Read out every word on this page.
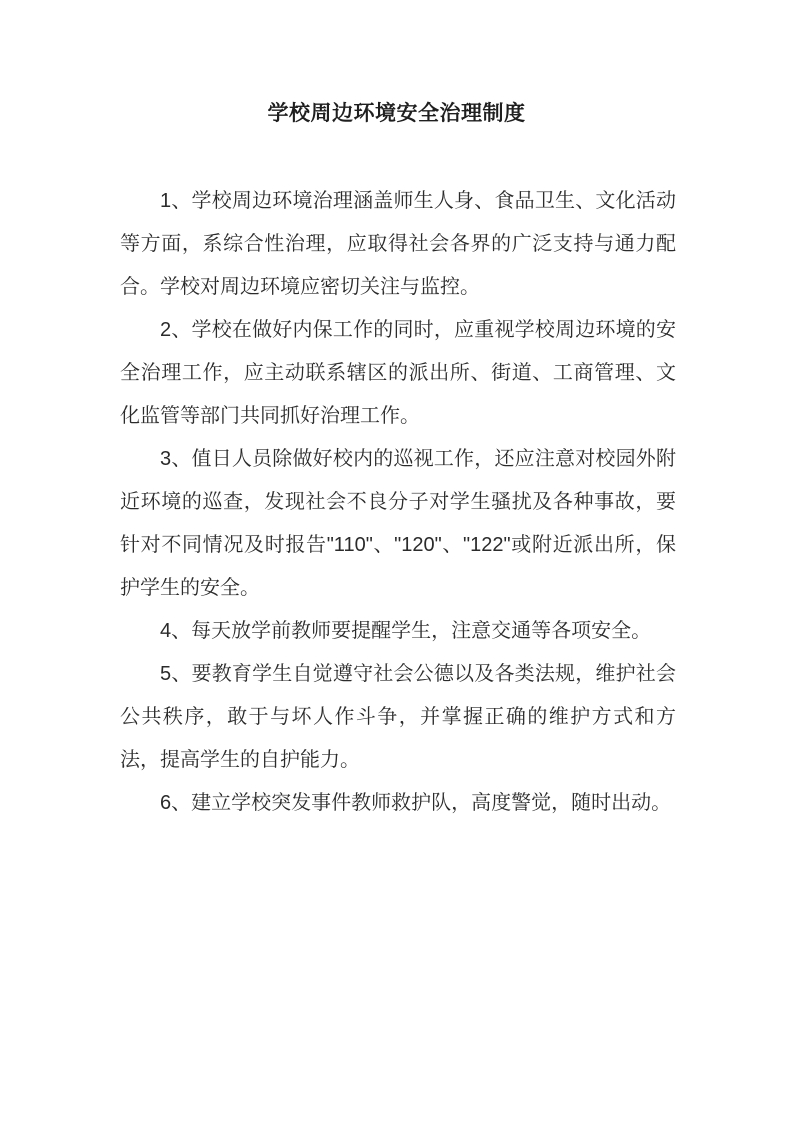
学校周边环境安全治理制度

1、学校周边环境治理涵盖师生人身、食品卫生、文化活动等方面，系综合性治理，应取得社会各界的广泛支持与通力配合。学校对周边环境应密切关注与监控。

2、学校在做好内保工作的同时，应重视学校周边环境的安全治理工作，应主动联系辖区的派出所、街道、工商管理、文化监管等部门共同抓好治理工作。

3、值日人员除做好校内的巡视工作，还应注意对校园外附近环境的巡查，发现社会不良分子对学生骚扰及各种事故，要针对不同情况及时报告"110"、"120"、"122"或附近派出所，保护学生的安全。

4、每天放学前教师要提醒学生，注意交通等各项安全。

5、要教育学生自觉遵守社会公德以及各类法规，维护社会公共秩序，敢于与坏人作斗争，并掌握正确的维护方式和方法，提高学生的自护能力。

6、建立学校突发事件教师救护队，高度警觉，随时出动。
